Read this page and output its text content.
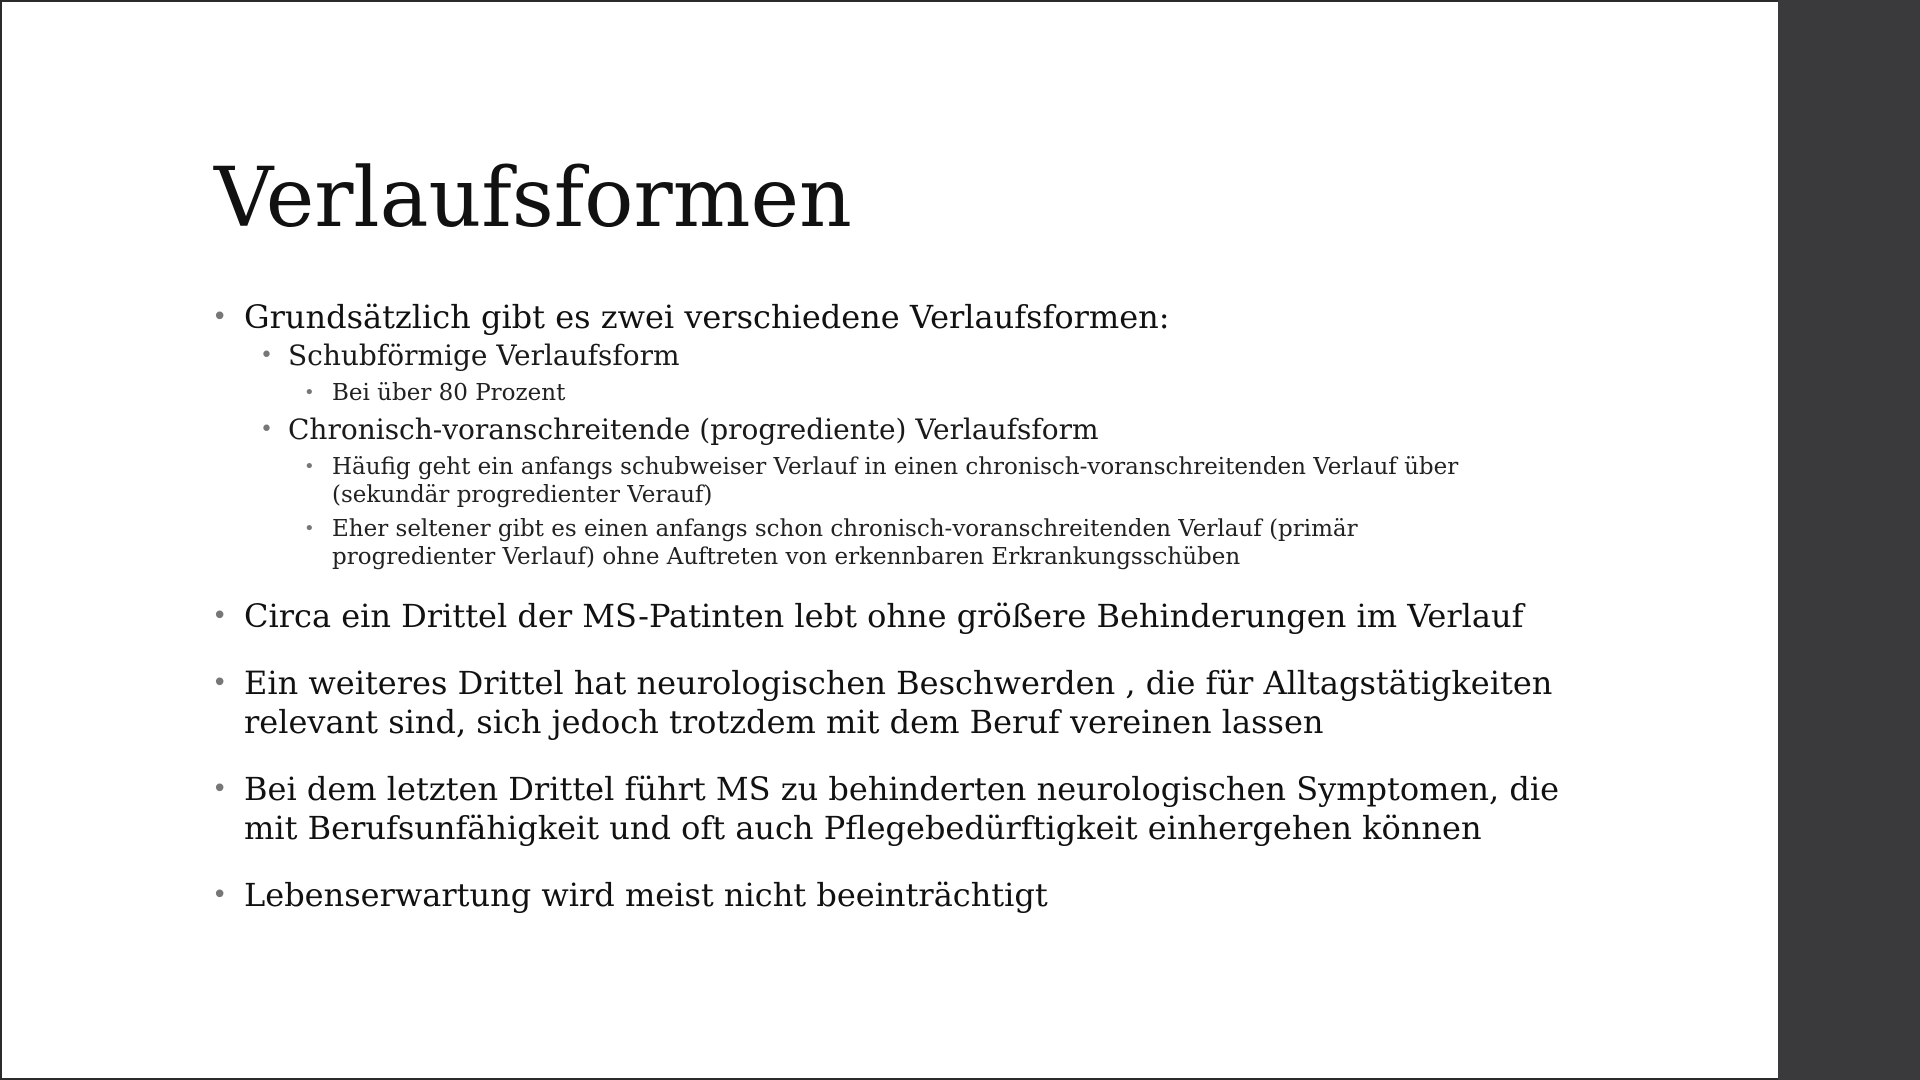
Verlaufsformen
• Grundsätzlich gibt es zwei verschiedene Verlaufsformen:
• Schubförmige Verlaufsform
• Bei über 80 Prozent
• Chronisch-voranschreitende (progrediente) Verlaufsform
• Häufig geht ein anfangs schubweiser Verlauf in einen chronisch-voranschreitenden Verlauf über (sekundär progredienter Verauf)
• Eher seltener gibt es einen anfangs schon chronisch-voranschreitenden Verlauf (primär progredienter Verlauf) ohne Auftreten von erkennbaren Erkrankungsschüben
• Circa ein Drittel der MS-Patinten lebt ohne größere Behinderungen im Verlauf
• Ein weiteres Drittel hat neurologischen Beschwerden , die für Alltagstätigkeiten relevant sind, sich jedoch trotzdem mit dem Beruf vereinen lassen
• Bei dem letzten Drittel führt MS zu behinderten neurologischen Symptomen, die mit Berufsunfähigkeit und oft auch Pflegebedürftigkeit einhergehen können
• Lebenserwartung wird meist nicht beeinträchtigt
